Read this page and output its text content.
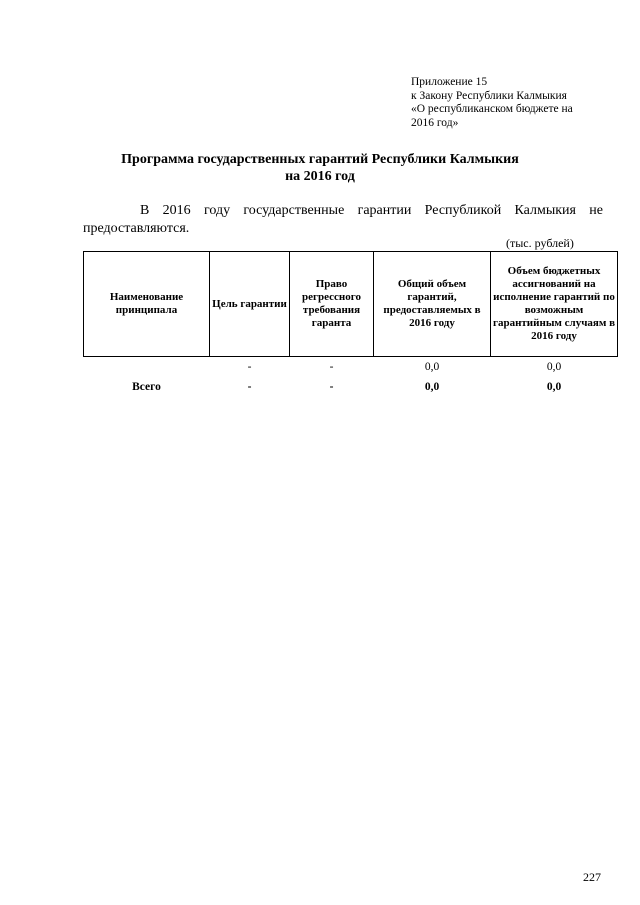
Приложение 15
к Закону Республики Калмыкия
«О республиканском бюджете на
2016 год»
Программа государственных гарантий Республики Калмыкия
на 2016 год
В 2016 году государственные гарантии Республикой Калмыкия не
предоставляются.
(тыс. рублей)
Наименование принципала	Цель гарантии	Право регрессного требования гаранта	Общий объем гарантий, предоставляемых в 2016 году	Объем бюджетных ассигнований на исполнение гарантий по возможным гарантийным случаям в 2016 году
	-	-	0,0	0,0
Всего	-	-	0,0	0,0
227
